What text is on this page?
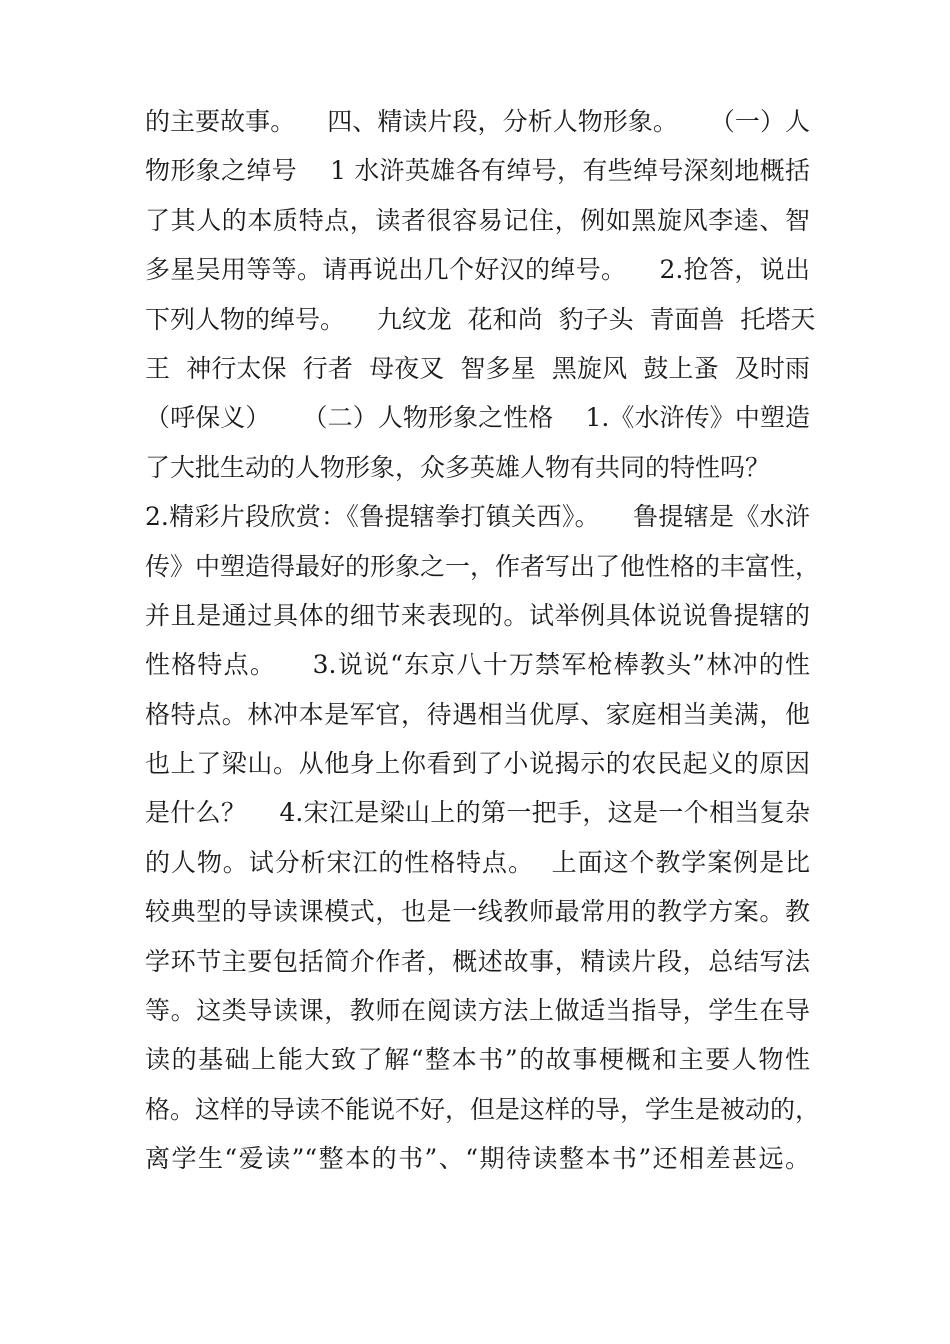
的主要故事。    四、精读片段，分析人物形象。    （一）人
物形象之绰号    1 水浒英雄各有绰号，有些绰号深刻地概括
了其人的本质特点，读者很容易记住，例如黑旋风李逵、智
多星吴用等等。请再说出几个好汉的绰号。    2.抢答，说出
下列人物的绰号。    九纹龙  花和尚  豹子头  青面兽  托塔天
王  神行太保  行者  母夜叉  智多星  黑旋风  鼓上蚤  及时雨
（呼保义）    （二）人物形象之性格    1.《水浒传》中塑造
了大批生动的人物形象，众多英雄人物有共同的特性吗？
2.精彩片段欣赏：《鲁提辖拳打镇关西》。    鲁提辖是《水浒
传》中塑造得最好的形象之一，作者写出了他性格的丰富性，
并且是通过具体的细节来表现的。试举例具体说说鲁提辖的
性格特点。    3.说说“东京八十万禁军枪棒教头”林冲的性
格特点。林冲本是军官，待遇相当优厚、家庭相当美满，他
也上了梁山。从他身上你看到了小说揭示的农民起义的原因
是什么？    4.宋江是梁山上的第一把手，这是一个相当复杂
的人物。试分析宋江的性格特点。  上面这个教学案例是比
较典型的导读课模式，也是一线教师最常用的教学方案。教
学环节主要包括简介作者，概述故事，精读片段，总结写法
等。这类导读课，教师在阅读方法上做适当指导，学生在导
读的基础上能大致了解“整本书”的故事梗概和主要人物性
格。这样的导读不能说不好，但是这样的导，学生是被动的，
离学生“爱读”“整本的书”、“期待读整本书”还相差甚远。
